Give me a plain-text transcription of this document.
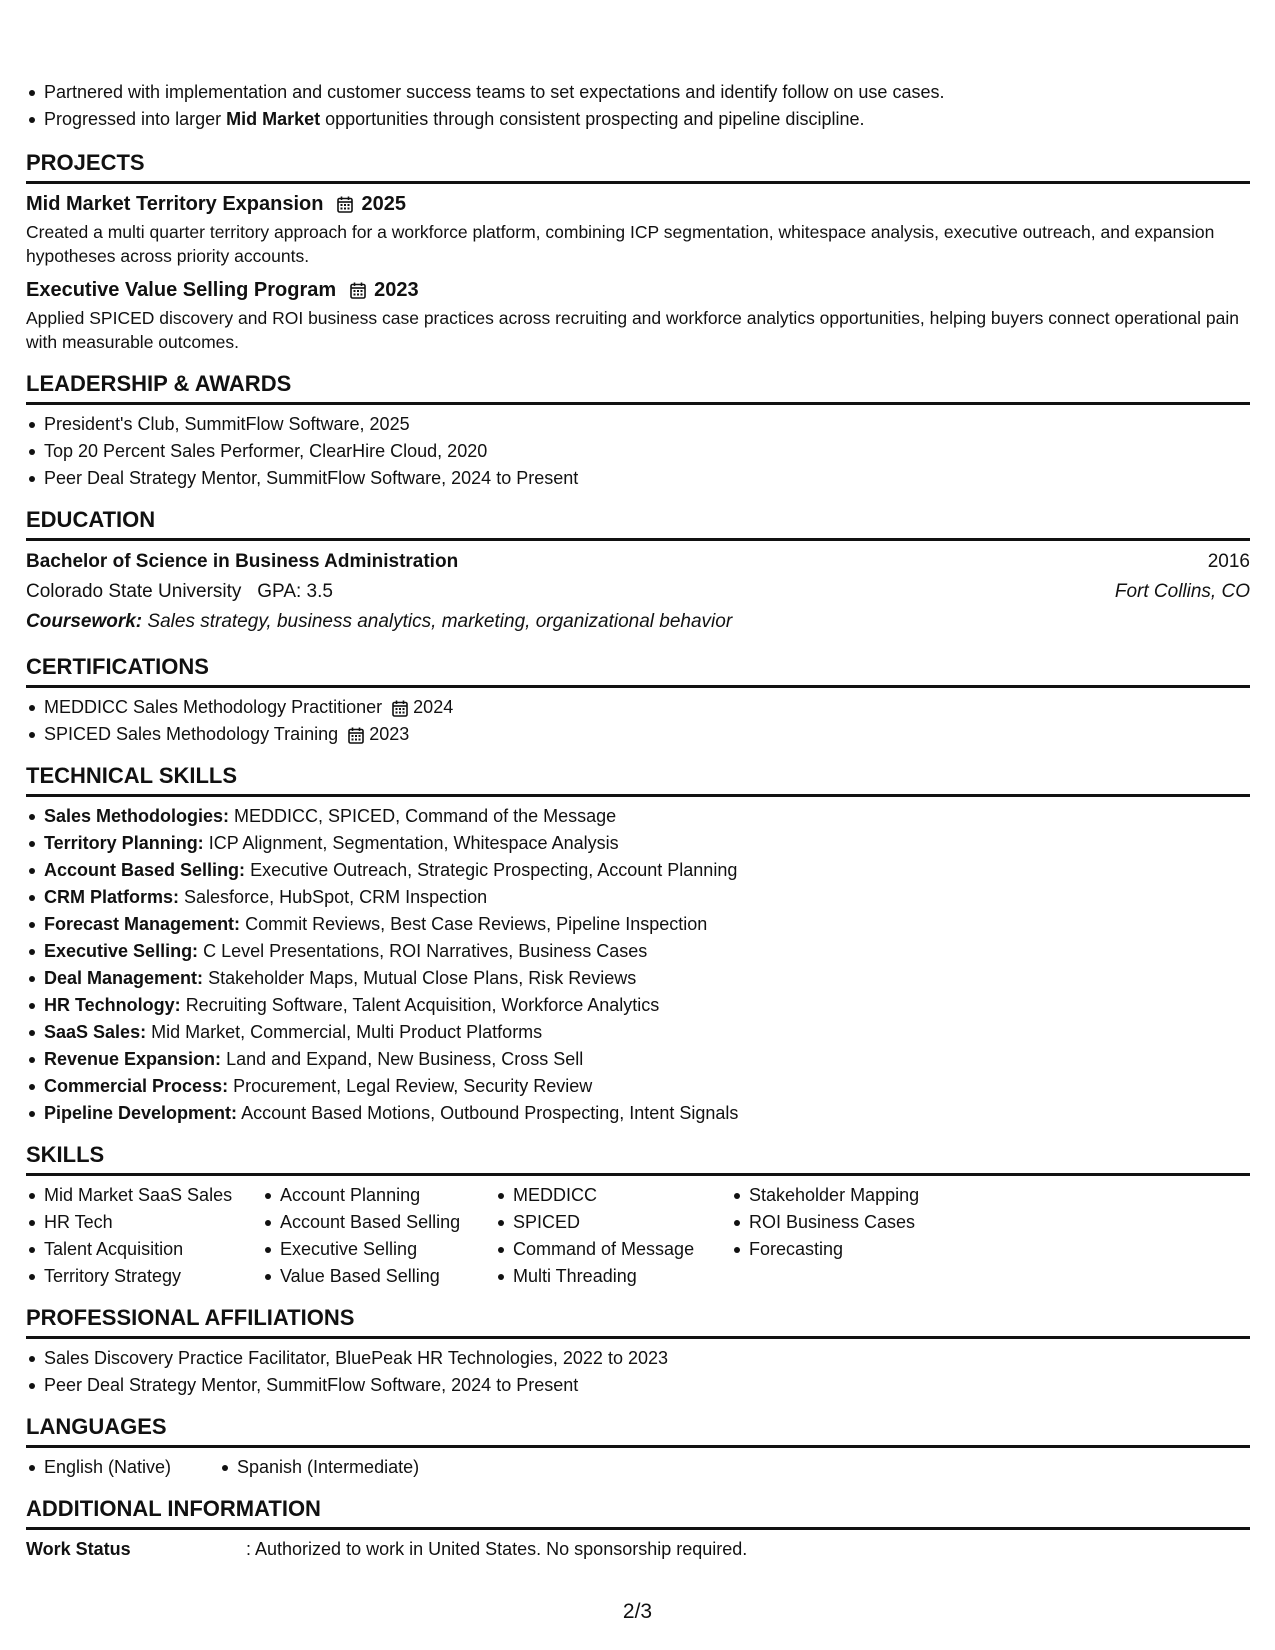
Partnered with implementation and customer success teams to set expectations and identify follow on use cases.
Progressed into larger Mid Market opportunities through consistent prospecting and pipeline discipline.
PROJECTS
Mid Market Territory Expansion 2025

Created a multi quarter territory approach for a workforce platform, combining ICP segmentation, whitespace analysis, executive outreach, and expansion hypotheses across priority accounts.

Executive Value Selling Program 2023

Applied SPICED discovery and ROI business case practices across recruiting and workforce analytics opportunities, helping buyers connect operational pain with measurable outcomes.

LEADERSHIP & AWARDS
President's Club, SummitFlow Software, 2025
Top 20 Percent Sales Performer, ClearHire Cloud, 2020
Peer Deal Strategy Mentor, SummitFlow Software, 2024 to Present
EDUCATION
Bachelor of Science in Business Administration	2016
Colorado State University GPA: 3.5	Fort Collins, CO
Coursework: Sales strategy, business analytics, marketing, organizational behavior
CERTIFICATIONS
MEDDICC Sales Methodology Practitioner 2024
SPICED Sales Methodology Training 2023
TECHNICAL SKILLS
Sales Methodologies: MEDDICC, SPICED, Command of the Message
Territory Planning: ICP Alignment, Segmentation, Whitespace Analysis
Account Based Selling: Executive Outreach, Strategic Prospecting, Account Planning
CRM Platforms: Salesforce, HubSpot, CRM Inspection
Forecast Management: Commit Reviews, Best Case Reviews, Pipeline Inspection
Executive Selling: C Level Presentations, ROI Narratives, Business Cases
Deal Management: Stakeholder Maps, Mutual Close Plans, Risk Reviews
HR Technology: Recruiting Software, Talent Acquisition, Workforce Analytics
SaaS Sales: Mid Market, Commercial, Multi Product Platforms
Revenue Expansion: Land and Expand, New Business, Cross Sell
Commercial Process: Procurement, Legal Review, Security Review
Pipeline Development: Account Based Motions, Outbound Prospecting, Intent Signals
SKILLS
Mid Market SaaS Sales
HR Tech
Talent Acquisition
Territory Strategy
Account Planning
Account Based Selling
Executive Selling
Value Based Selling
MEDDICC
SPICED
Command of Message
Multi Threading
Stakeholder Mapping
ROI Business Cases
Forecasting
PROFESSIONAL AFFILIATIONS
Sales Discovery Practice Facilitator, BluePeak HR Technologies, 2022 to 2023
Peer Deal Strategy Mentor, SummitFlow Software, 2024 to Present
LANGUAGES
English (Native)	Spanish (Intermediate)
ADDITIONAL INFORMATION
Work Status	: Authorized to work in United States. No sponsorship required.
2/3
